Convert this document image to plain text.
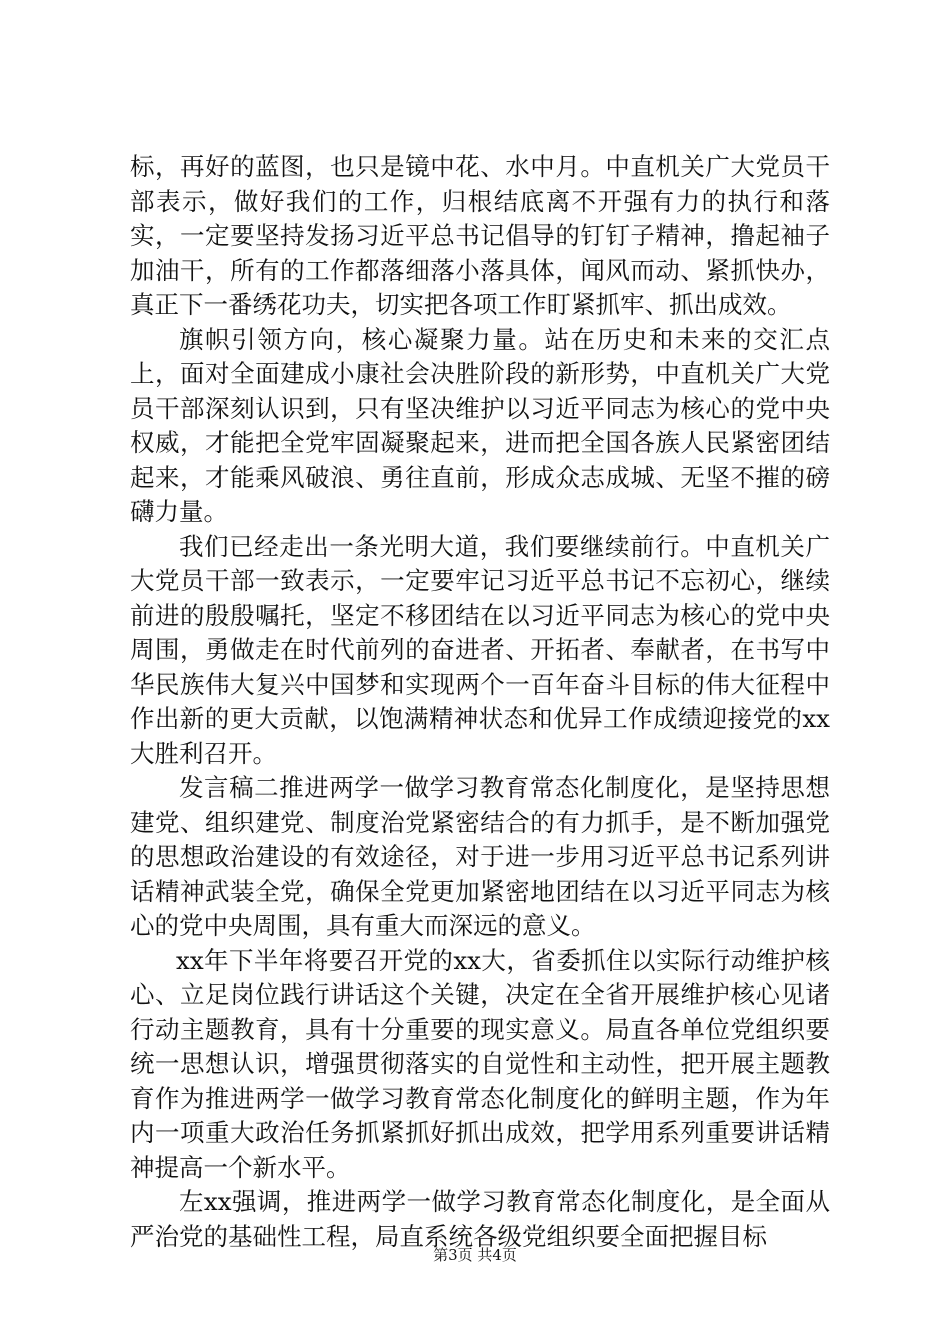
标，再好的蓝图，也只是镜中花、水中月。中直机关广大党员干部表示，做好我们的工作，归根结底离不开强有力的执行和落实，一定要坚持发扬习近平总书记倡导的钉钉子精神，撸起袖子加油干，所有的工作都落细落小落具体，闻风而动、紧抓快办，真正下一番绣花功夫，切实把各项工作盯紧抓牢、抓出成效。

旗帜引领方向，核心凝聚力量。站在历史和未来的交汇点上，面对全面建成小康社会决胜阶段的新形势，中直机关广大党员干部深刻认识到，只有坚决维护以习近平同志为核心的党中央权威，才能把全党牢固凝聚起来，进而把全国各族人民紧密团结起来，才能乘风破浪、勇往直前，形成众志成城、无坚不摧的磅礴力量。

我们已经走出一条光明大道，我们要继续前行。中直机关广大党员干部一致表示，一定要牢记习近平总书记不忘初心，继续前进的殷殷嘱托，坚定不移团结在以习近平同志为核心的党中央周围，勇做走在时代前列的奋进者、开拓者、奉献者，在书写中华民族伟大复兴中国梦和实现两个一百年奋斗目标的伟大征程中作出新的更大贡献，以饱满精神状态和优异工作成绩迎接党的xx大胜利召开。

发言稿二推进两学一做学习教育常态化制度化，是坚持思想建党、组织建党、制度治党紧密结合的有力抓手，是不断加强党的思想政治建设的有效途径，对于进一步用习近平总书记系列讲话精神武装全党，确保全党更加紧密地团结在以习近平同志为核心的党中央周围，具有重大而深远的意义。

xx年下半年将要召开党的xx大，省委抓住以实际行动维护核心、立足岗位践行讲话这个关键，决定在全省开展维护核心见诸行动主题教育，具有十分重要的现实意义。局直各单位党组织要统一思想认识，增强贯彻落实的自觉性和主动性，把开展主题教育作为推进两学一做学习教育常态化制度化的鲜明主题，作为年内一项重大政治任务抓紧抓好抓出成效，把学用系列重要讲话精神提高一个新水平。

左xx强调，推进两学一做学习教育常态化制度化，是全面从严治党的基础性工程，局直系统各级党组织要全面把握目标

第3页 共4页
